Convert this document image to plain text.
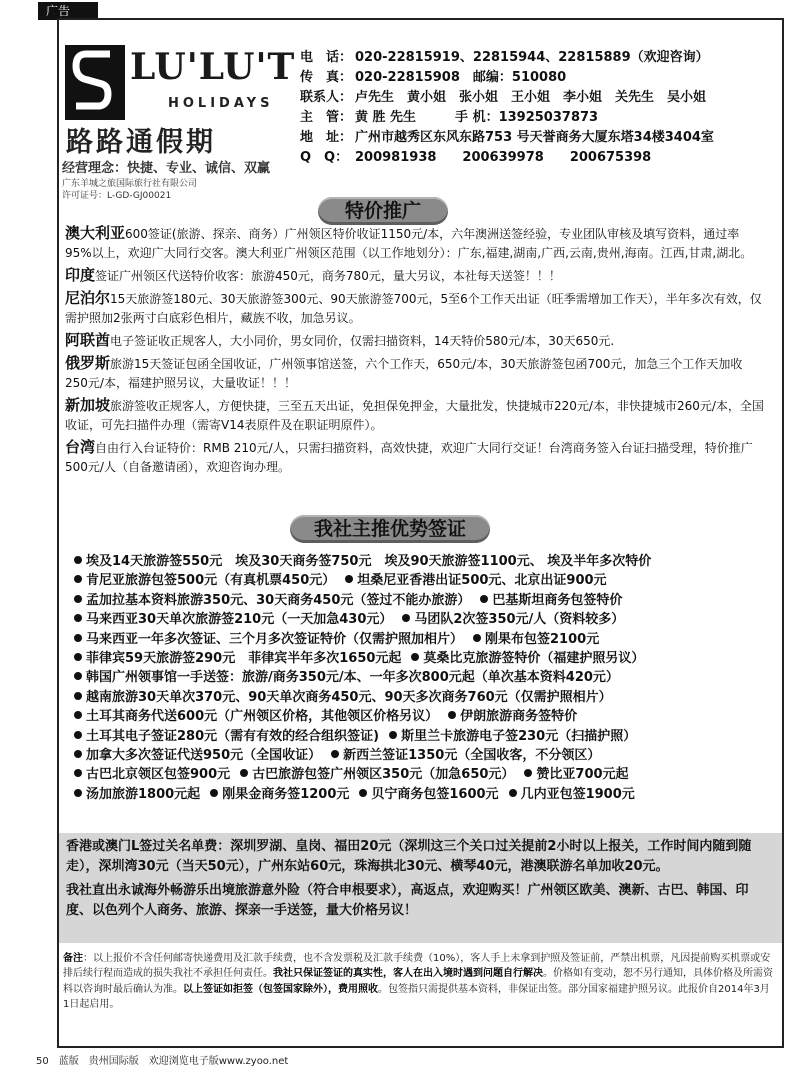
广告
LU'LU'T
HOLIDAYS
路路通假期
经营理念：快捷、专业、诚信、双赢
广东羊城之旅国际旅行社有限公司
许可证号：L-GD-GJ00021
电　话： 020-22815919、22815944、22815889（欢迎咨询）
传　真： 020-22815908　邮编：510080
联系人： 卢先生　黄小姐　张小姐　王小姐　李小姐　关先生　吴小姐
主　管： 黄 胜 先生　　　手 机：13925037873
地　址： 广州市越秀区东风东路753 号天誉商务大厦东塔34楼3404室
Q　Q： 200981938　　200639978　　200675398
特价推广

澳大利亚600签证(旅游、探亲、商务）广州领区特价收证1150元/本，六年澳洲送签经验，专业团队审核及填写资料，通过率95%以上，欢迎广大同行交客。澳大利亚广州领区范围（以工作地划分）：广东,福建,湖南,广西,云南,贵州,海南。江西,甘肃,湖北。

印度签证广州领区代送特价收客：旅游450元，商务780元，量大另议，本社每天送签！！！

尼泊尔15天旅游签180元、30天旅游签300元、90天旅游签700元，5至6个工作天出证（旺季需增加工作天），半年多次有效，仅需护照加2张两寸白底彩色相片，藏族不收，加急另议。

阿联酋电子签证收正规客人，大小同价，男女同价，仅需扫描资料，14天特价580元/本，30天650元.

俄罗斯旅游15天签证包函全国收证，广州领事馆送签，六个工作天，650元/本，30天旅游签包函700元，加急三个工作天加收250元/本，福建护照另议，大量收证！！！

新加坡旅游签收正规客人，方便快捷，三至五天出证，免担保免押金，大量批发，快捷城市220元/本，非快捷城市260元/本，全国收证，可先扫描件办理（需寄V14表原件及在职证明原件）。

台湾自由行入台证特价：RMB 210元/人，只需扫描资料，高效快捷，欢迎广大同行交证！台湾商务签入台证扫描受理，特价推广500元/人（自备邀请函），欢迎咨询办理。

我社主推优势签证
埃及14天旅游签550元　埃及30天商务签750元　埃及90天旅游签1100元、 埃及半年多次特价
肯尼亚旅游包签500元（有真机票450元） 坦桑尼亚香港出证500元、北京出证900元
孟加拉基本资料旅游350元、30天商务450元（签过不能办旅游） 巴基斯坦商务包签特价
马来西亚30天单次旅游签210元（一天加急430元） 马团队2次签350元/人（资料较多）
马来西亚一年多次签证、三个月多次签证特价（仅需护照加相片） 刚果布包签2100元
菲律宾59天旅游签290元　菲律宾半年多次1650元起 莫桑比克旅游签特价（福建护照另议）
韩国广州领事馆一手送签：旅游/商务350元/本、一年多次800元起（单次基本资料420元）
越南旅游30天单次370元、90天单次商务450元、90天多次商务760元（仅需护照相片）
土耳其商务代送600元（广州领区价格，其他领区价格另议） 伊朗旅游商务签特价
土耳其电子签证280元（需有有效的经合组织签证) 斯里兰卡旅游电子签230元（扫描护照）
加拿大多次签证代送950元（全国收证） 新西兰签证1350元（全国收客，不分领区）
古巴北京领区包签900元 古巴旅游包签广州领区350元（加急650元） 赞比亚700元起
汤加旅游1800元起 刚果金商务签1200元 贝宁商务包签1600元 几内亚包签1900元

香港或澳门L签过关名单费：深圳罗湖、皇岗、福田20元（深圳这三个关口过关提前2小时以上报关，工作时间内随到随走），深圳湾30元（当天50元），广州东站60元，珠海拱北30元、横琴40元，港澳联游名单加收20元。

我社直出永诚海外畅游乐出境旅游意外险（符合申根要求），高返点，欢迎购买！广州领区欧美、澳新、古巴、韩国、印度、以色列个人商务、旅游、探亲一手送签，量大价格另议！

备注：以上报价不含任何邮寄快递费用及汇款手续费，也不含发票税及汇款手续费（10%），客人手上未拿到护照及签证前，严禁出机票，凡因提前购买机票或安排后续行程而造成的损失我社不承担任何责任。我社只保证签证的真实性，客人在出入境时遇到问题自行解决。价格如有变动，恕不另行通知，具体价格及所需资料以咨询时最后确认为准。以上签证如拒签（包签国家除外），费用照收。包签指只需提供基本资料，非保证出签。部分国家福建护照另议。此报价自2014年3月1日起启用。
50　蓝版　贵州国际版　欢迎浏览电子版www.zyoo.net
